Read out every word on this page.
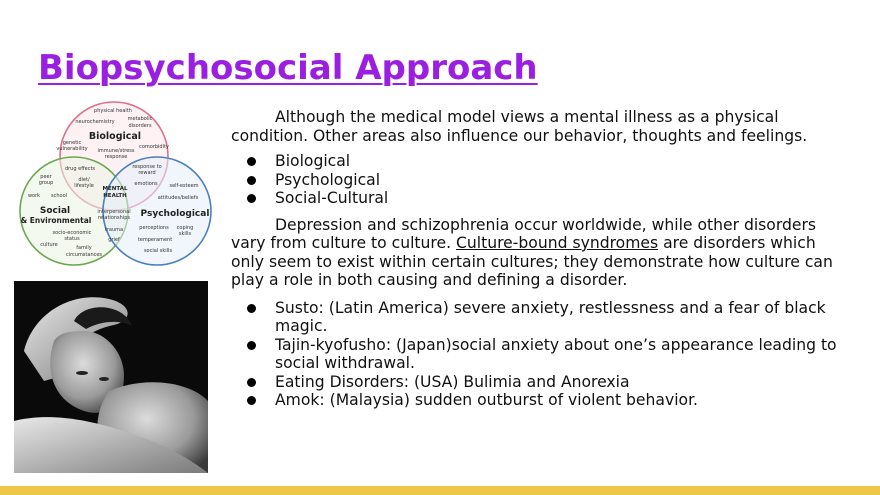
Biopsychosocial Approach
physical health
neurochemistry	metabolic
disorders
Biological
genetic
vulnerability immune/stress
response
comorbidity
drug effects
diet/
lifestyle
response to
reward
emotions
MENTAL
HEALTH
self-esteem
attitudes/beliefs
Psychological
perceptions coping
skills
temperament
social skills
interpersonal
relationships
trauma
grief
peer
group
work school
Social
& Environmental
socio-economic
status
culture	family
circumstances

Although the medical model views a mental illness as a physical condition. Other areas also influence our behavior, thoughts and feelings.

Biological
Psychological
Social-Cultural

Depression and schizophrenia occur worldwide, while other disorders vary from culture to culture. Culture-bound syndromes are disorders which only seem to exist within certain cultures; they demonstrate how culture can play a role in both causing and defining a disorder.

Susto: (Latin America) severe anxiety, restlessness and a fear of black magic.
Tajin-kyofusho: (Japan)social anxiety about one’s appearance leading to social withdrawal.
Eating Disorders: (USA) Bulimia and Anorexia
Amok: (Malaysia) sudden outburst of violent behavior.
